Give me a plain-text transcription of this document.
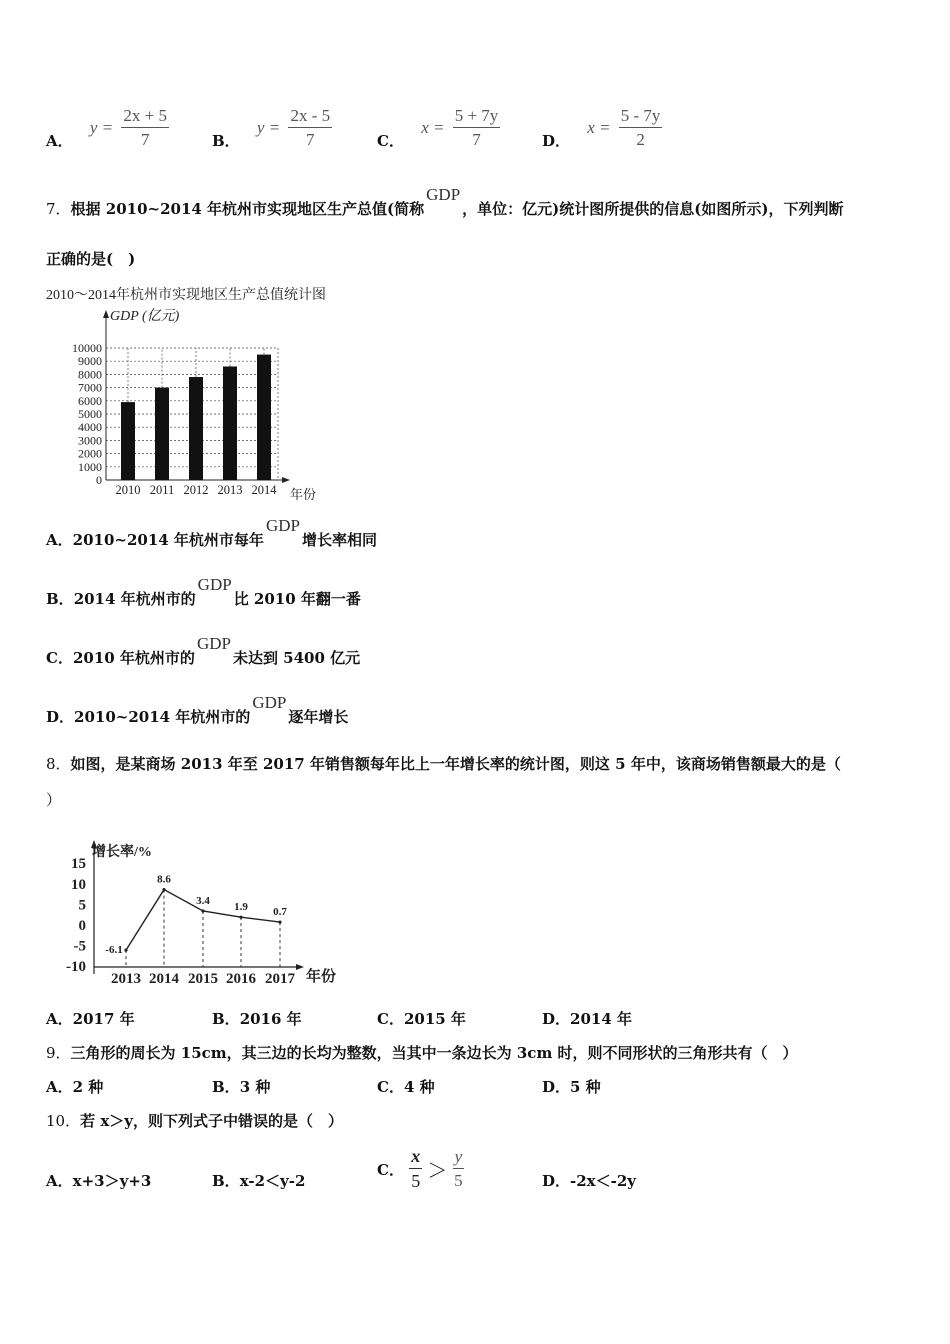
A． $y = \frac{2x + 5}{7}$	B． $y = \frac{2x - 5}{7}$	C． $x = \frac{5 + 7y}{7}$	D． $x = \frac{5 - 7y}{2}$
7．根据 2010~2014 年杭州市实现地区生产总值(简称GDP，单位：亿元)统计图所提供的信息(如图所示)，下列判断
正确的是(　)
2010～2014年杭州市实现地区生产总值统计图
GDP (亿元)
年份
0
1000
2000
3000
4000
5000
6000
7000
8000
9000
10000
2010 2011 2012 2013 2014
A．2010~2014 年杭州市每年GDP增长率相同
B．2014 年杭州市的GDP比 2010 年翻一番
C．2010 年杭州市的GDP未达到 5400 亿元
D．2010~2014 年杭州市的GDP逐年增长
8．如图，是某商场 2013 年至 2017 年销售额每年比上一年增长率的统计图，则这 5 年中，该商场销售额最大的是（
）
增长率/%
年份
15
10
5
0
-5
-10
-6.1
8.6
3.4
1.9 0.7
2013 2014 2015 2016 2017
A．2017 年	B．2016 年	C．2015 年	D．2014 年
9．三角形的周长为 15cm，其三边的长均为整数，当其中一条边长为 3cm 时，则不同形状的三角形共有（　）
A．2 种	B．3 种	C．4 种	D．5 种
10．若 x＞y，则下列式子中错误的是（　）
A．x+3＞y+3	B．x-2＜y-2
C． $\frac{x}{5} > \frac{y}{5}$	D．-2x＜-2y
